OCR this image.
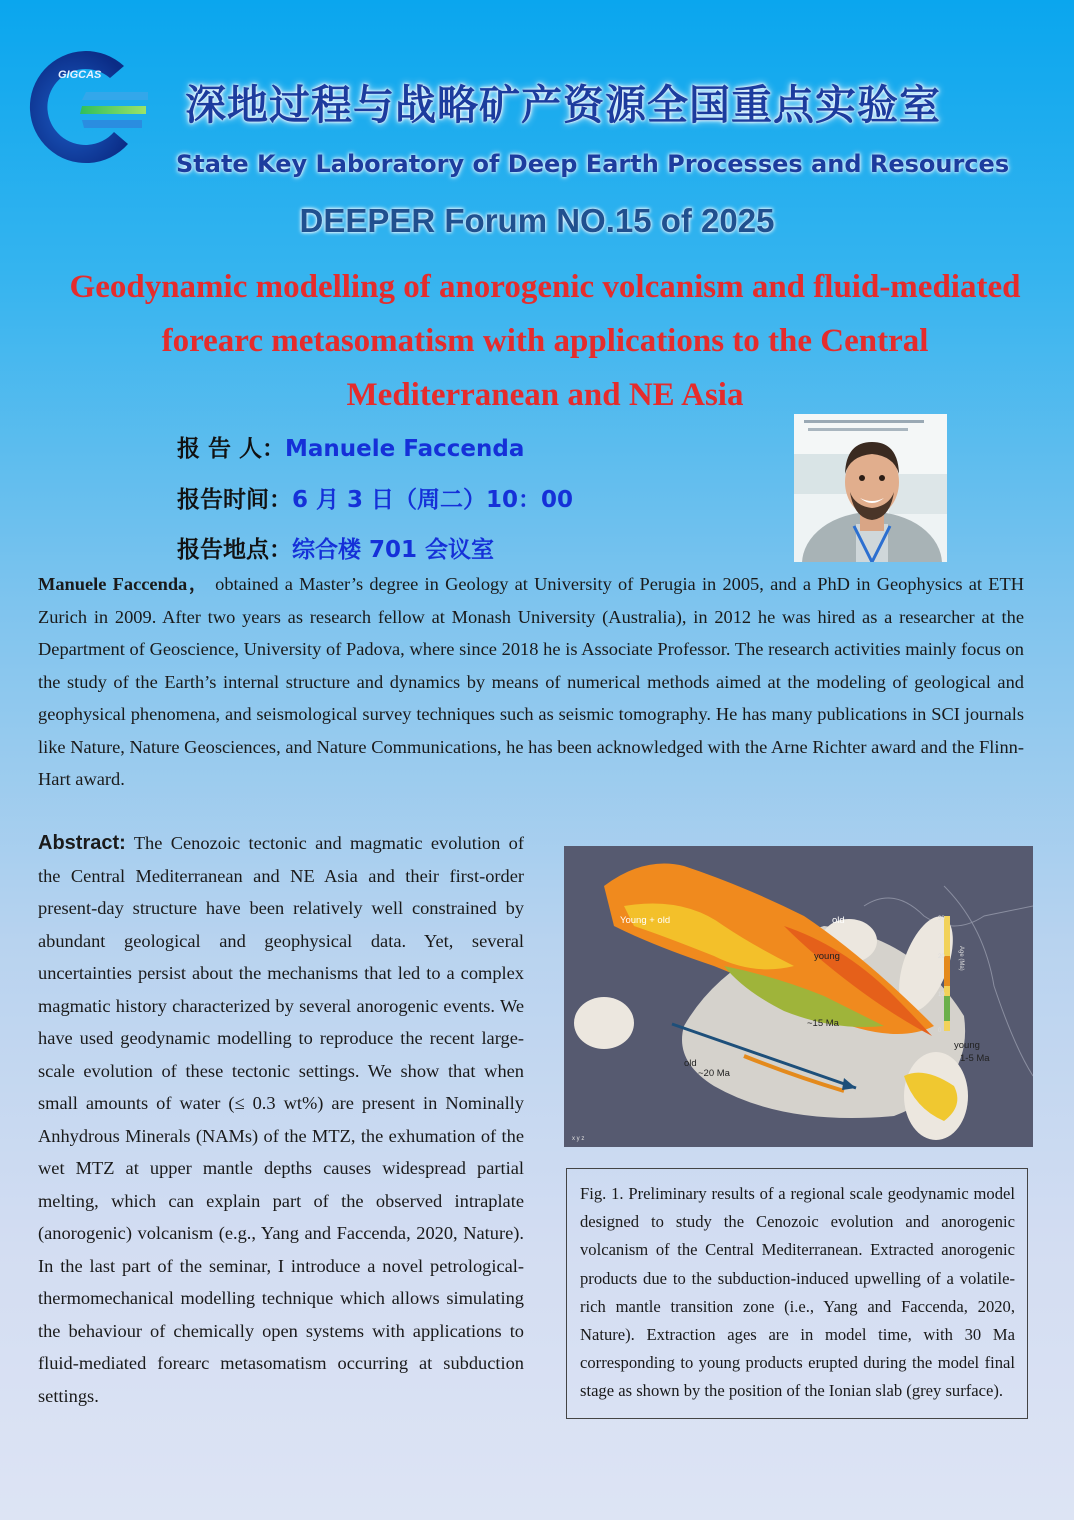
GIGCAS
深地过程与战略矿产资源全国重点实验室
State Key Laboratory of Deep Earth Processes and Resources
DEEPER Forum NO.15 of 2025
Geodynamic modelling of anorogenic volcanism and fluid-mediated
forearc metasomatism with applications to the Central
Mediterranean and NE Asia
报 告 人：Manuele Faccenda
报告时间：6 月 3 日（周二）10：00
报告地点：综合楼 701 会议室
Manuele Faccenda， obtained a Master’s degree in Geology at University of Perugia in 2005, and a PhD in Geophysics at ETH Zurich in 2009. After two years as research fellow at Monash University (Australia), in 2012 he was hired as a researcher at the Department of Geoscience, University of Padova, where since 2018 he is Associate Professor. The research activities mainly focus on the study of the Earth’s internal structure and dynamics by means of numerical methods aimed at the modeling of geological and geophysical phenomena, and seismological survey techniques such as seismic tomography. He has many publications in SCI journals like Nature, Nature Geosciences, and Nature Communications, he has been acknowledged with the Arne Richter award and the Flinn-Hart award.
Abstract: The Cenozoic tectonic and magmatic evolution of the Central Mediterranean and NE Asia and their first-order present-day structure have been relatively well constrained by abundant geological and geophysical data. Yet, several uncertainties persist about the mechanisms that led to a complex magmatic history characterized by several anorogenic events. We have used geodynamic modelling to reproduce the recent large-scale evolution of these tectonic settings. We show that when small amounts of water (≤ 0.3 wt%) are present in Nominally Anhydrous Minerals (NAMs) of the MTZ, the exhumation of the wet MTZ at upper mantle depths causes widespread partial melting, which can explain part of the observed intraplate (anorogenic) volcanism (e.g., Yang and Faccenda, 2020, Nature). In the last part of the seminar, I introduce a novel petrological-thermomechanical modelling technique which allows simulating the behaviour of chemically open systems with applications to fluid-mediated forearc metasomatism occurring at subduction settings.
Young + old	old
young
~15 Ma
old
~20 Ma
young
1-5 Ma
30
20
10
0
Age (Ma)
x y z
Fig. 1. Preliminary results of a regional scale geodynamic model designed to study the Cenozoic evolution and anorogenic volcanism of the Central Mediterranean. Extracted anorogenic products due to the subduction-induced upwelling of a volatile-rich mantle transition zone (i.e., Yang and Faccenda, 2020, Nature). Extraction ages are in model time, with 30 Ma corresponding to young products erupted during the model final stage as shown by the position of the Ionian slab (grey surface).
